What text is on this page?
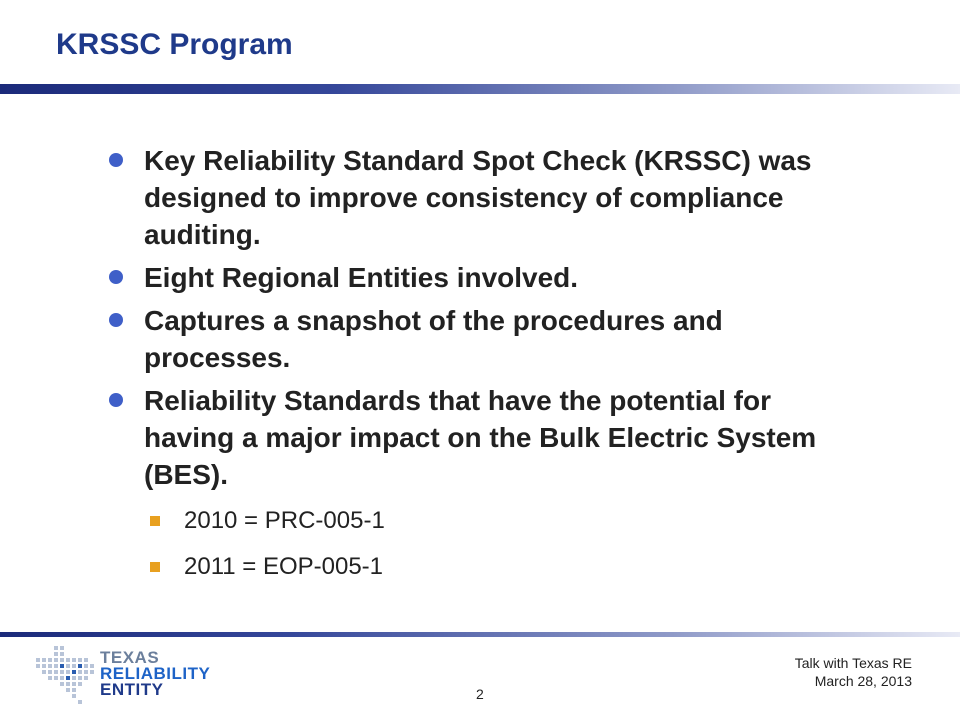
KRSSC Program
Key Reliability Standard Spot Check (KRSSC) was designed to improve consistency of compliance auditing.
Eight Regional Entities involved.
Captures a snapshot of the procedures and processes.
Reliability Standards that have the potential for having a major impact on the Bulk Electric System (BES).
2010 = PRC-005-1
2011 = EOP-005-1
TEXAS
RELIABILITY
ENTITY	2
Talk with Texas RE
March 28, 2013
